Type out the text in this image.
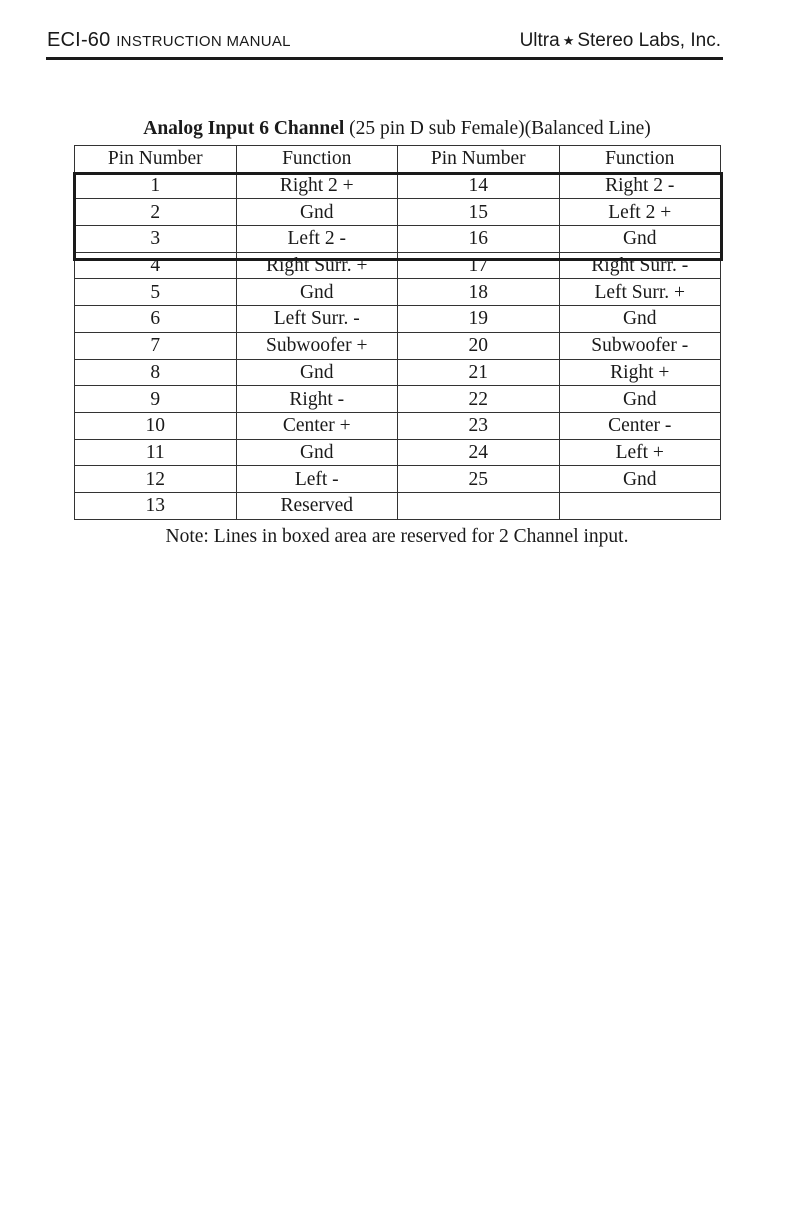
ECI-60 INSTRUCTION MANUAL	Ultra ★ Stereo Labs, Inc.
Analog Input 6 Channel (25 pin D sub Female)(Balanced Line)
Pin Number	Function	Pin Number	Function
1	Right 2 +	14	Right 2 -
2	Gnd	15	Left 2 +
3	Left 2 -	16	Gnd
4	Right Surr. +	17	Right Surr. -
5	Gnd	18	Left Surr. +
6	Left Surr. -	19	Gnd
7	Subwoofer +	20	Subwoofer -
8	Gnd	21	Right +
9	Right -	22	Gnd
10	Center +	23	Center -
11	Gnd	24	Left +
12	Left -	25	Gnd
13	Reserved		
Note: Lines in boxed area are reserved for 2 Channel input.
